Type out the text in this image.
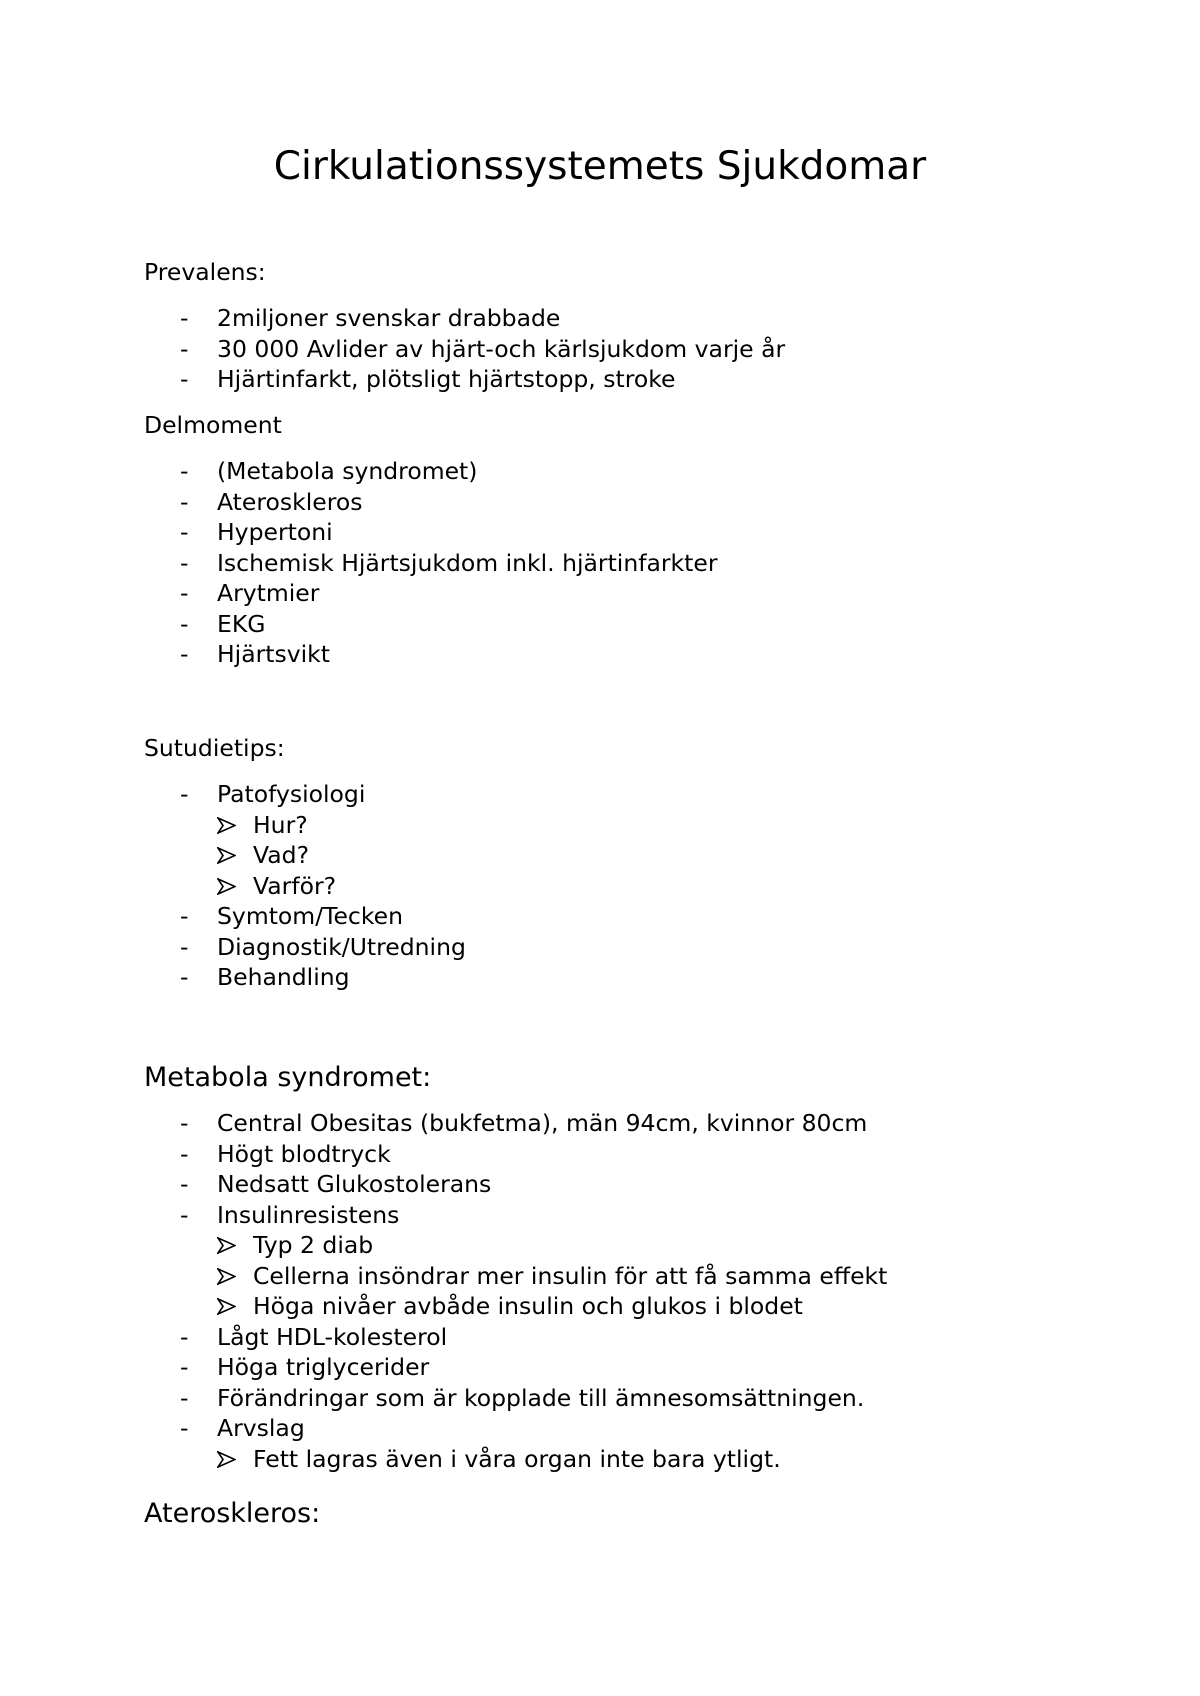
Cirkulationssystemets Sjukdomar
Prevalens:
- 2miljoner svenskar drabbade
- 30 000 Avlider av hjärt-och kärlsjukdom varje år
- Hjärtinfarkt, plötsligt hjärtstopp, stroke
Delmoment
- (Metabola syndromet)
- Ateroskleros
- Hypertoni
- Ischemisk Hjärtsjukdom inkl. hjärtinfarkter
- Arytmier
- EKG
- Hjärtsvikt
Sutudietips:
- Patofysiologi
Hur?
Vad?
Varför?
- Symtom/Tecken
- Diagnostik/Utredning
- Behandling
Metabola syndromet:
- Central Obesitas (bukfetma), män 94cm, kvinnor 80cm
- Högt blodtryck
- Nedsatt Glukostolerans
- Insulinresistens
Typ 2 diab
Cellerna insöndrar mer insulin för att få samma effekt
Höga nivåer avbåde insulin och glukos i blodet
- Lågt HDL-kolesterol
- Höga triglycerider
- Förändringar som är kopplade till ämnesomsättningen.
- Arvslag
Fett lagras även i våra organ inte bara ytligt.
Ateroskleros:
